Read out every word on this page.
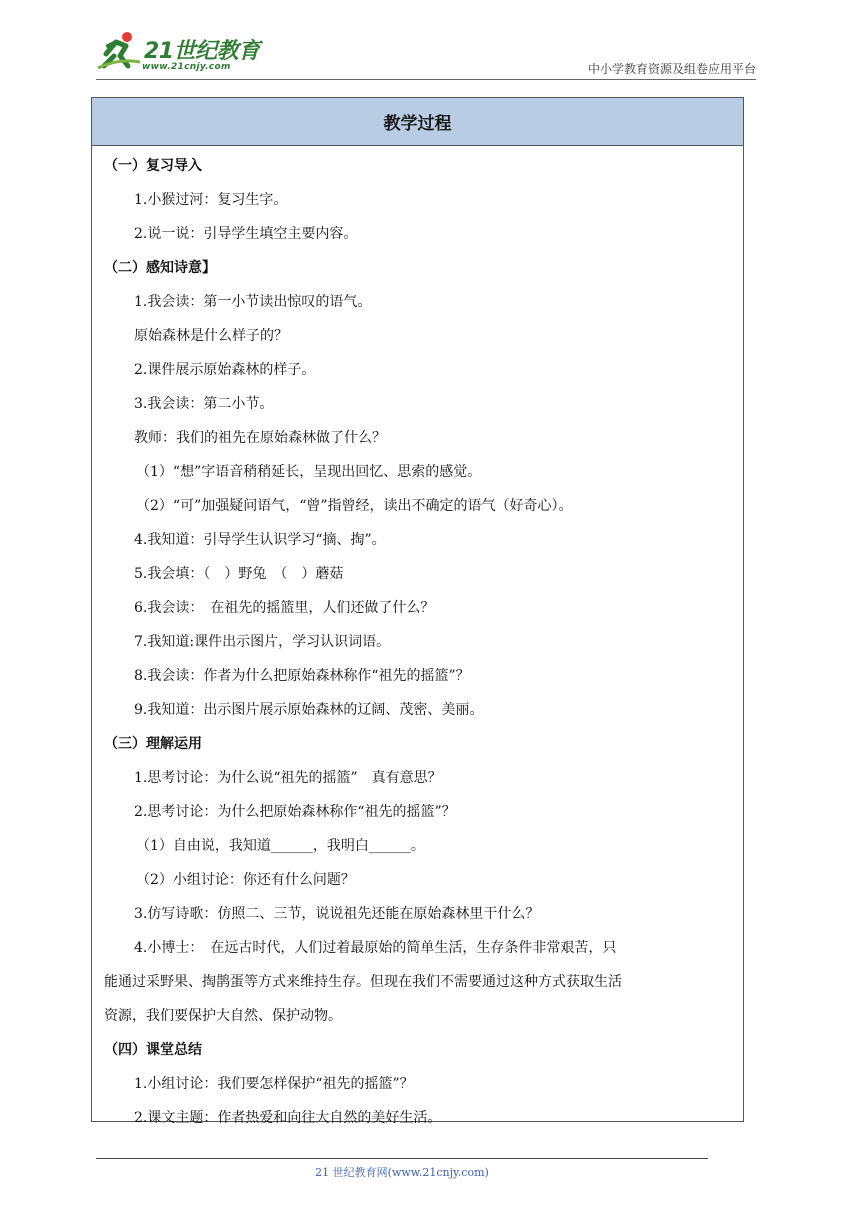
21世纪教育
www.21cnjy.com	中小学教育资源及组卷应用平台
教学过程
（一）复习导入
1.小猴过河：复习生字。
2.说一说：引导学生填空主要内容。
（二）感知诗意】
1.我会读：第一小节读出惊叹的语气。
原始森林是什么样子的？
2.课件展示原始森林的样子。
3.我会读：第二小节。
教师：我们的祖先在原始森林做了什么？
（1）“想”字语音稍稍延长，呈现出回忆、思索的感觉。
（2）“可”加强疑问语气，“曾”指曾经，读出不确定的语气（好奇心）。
4.我知道：引导学生认识学习“摘、掏”。
5.我会填：（　）野兔　（　）蘑菇
6.我会读：　在祖先的摇篮里，人们还做了什么？
7.我知道:课件出示图片，学习认识词语。
8.我会读：作者为什么把原始森林称作“祖先的摇篮”？
9.我知道：出示图片展示原始森林的辽阔、茂密、美丽。
（三）理解运用
1.思考讨论：为什么说“祖先的摇篮”　真有意思？
2.思考讨论：为什么把原始森林称作“祖先的摇篮”？
（1）自由说，我知道______，我明白______。
（2）小组讨论：你还有什么问题？
3.仿写诗歌：仿照二、三节，说说祖先还能在原始森林里干什么？
4.小博士：　在远古时代，人们过着最原始的简单生活，生存条件非常艰苦，只
能通过采野果、掏鹊蛋等方式来维持生存。但现在我们不需要通过这种方式获取生活
资源，我们要保护大自然、保护动物。
（四）课堂总结
1.小组讨论：我们要怎样保护“祖先的摇篮”？
2.课文主题：作者热爱和向往大自然的美好生活。
21 世纪教育网(www.21cnjy.com)
